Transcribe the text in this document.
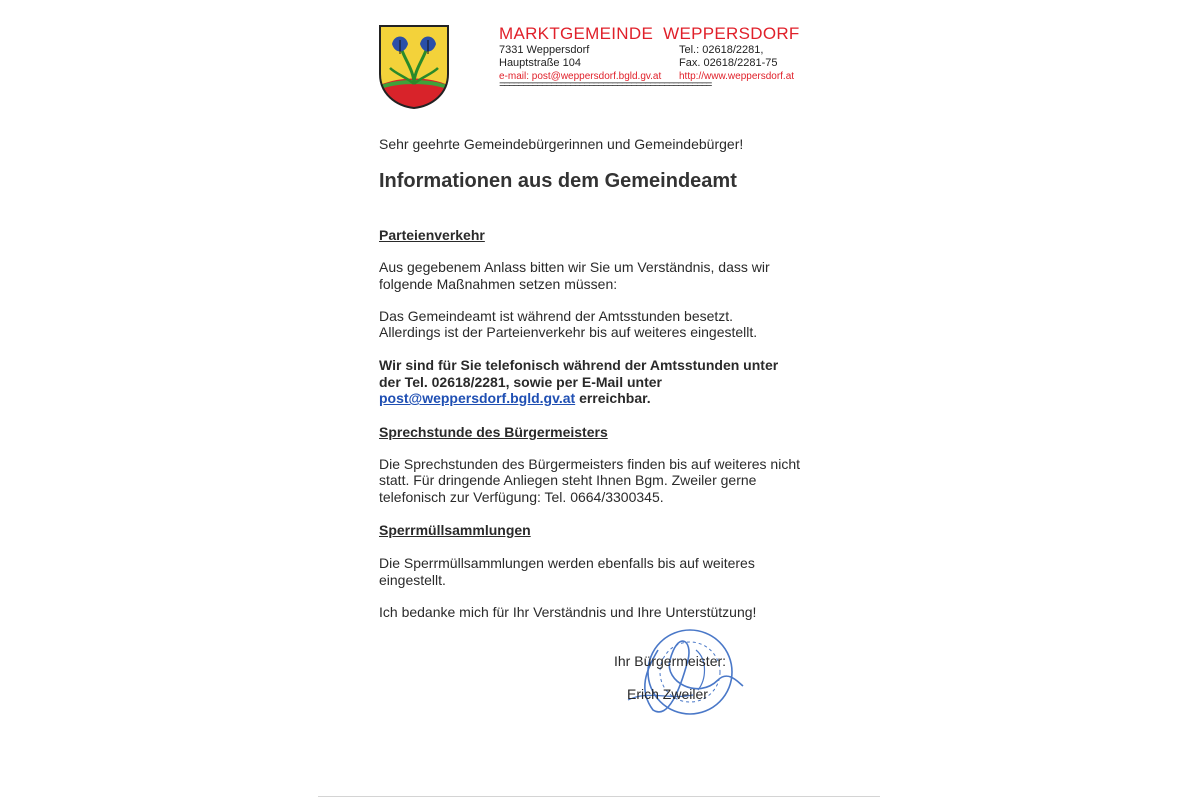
MARKTGEMEINDE  WEPPERSDORF
7331 Weppersdorf
Hauptstraße 104
e-mail: post@weppersdorf.bgld.gv.at
Tel.: 02618/2281,
Fax. 02618/2281-75
http://www.weppersdorf.at
=============================================
Sehr geehrte Gemeindebürgerinnen und Gemeindebürger!
Informationen aus dem Gemeindeamt
Parteienverkehr
Aus gegebenem Anlass bitten wir Sie um Verständnis, dass wir
folgende Maßnahmen setzen müssen:
Das Gemeindeamt ist während der Amtsstunden besetzt.
Allerdings ist der Parteienverkehr bis auf weiteres eingestellt.
Wir sind für Sie telefonisch während der Amtsstunden unter
der Tel. 02618/2281, sowie per E-Mail unter
post@weppersdorf.bgld.gv.at erreichbar.
Sprechstunde des Bürgermeisters
Die Sprechstunden des Bürgermeisters finden bis auf weiteres nicht
statt. Für dringende Anliegen steht Ihnen Bgm. Zweiler gerne
telefonisch zur Verfügung: Tel. 0664/3300345.
Sperrmüllsammlungen
Die Sperrmüllsammlungen werden ebenfalls bis auf weiteres
eingestellt.
Ich bedanke mich für Ihr Verständnis und Ihre Unterstützung!
Ihr Bürgermeister:
Erich Zweiler
